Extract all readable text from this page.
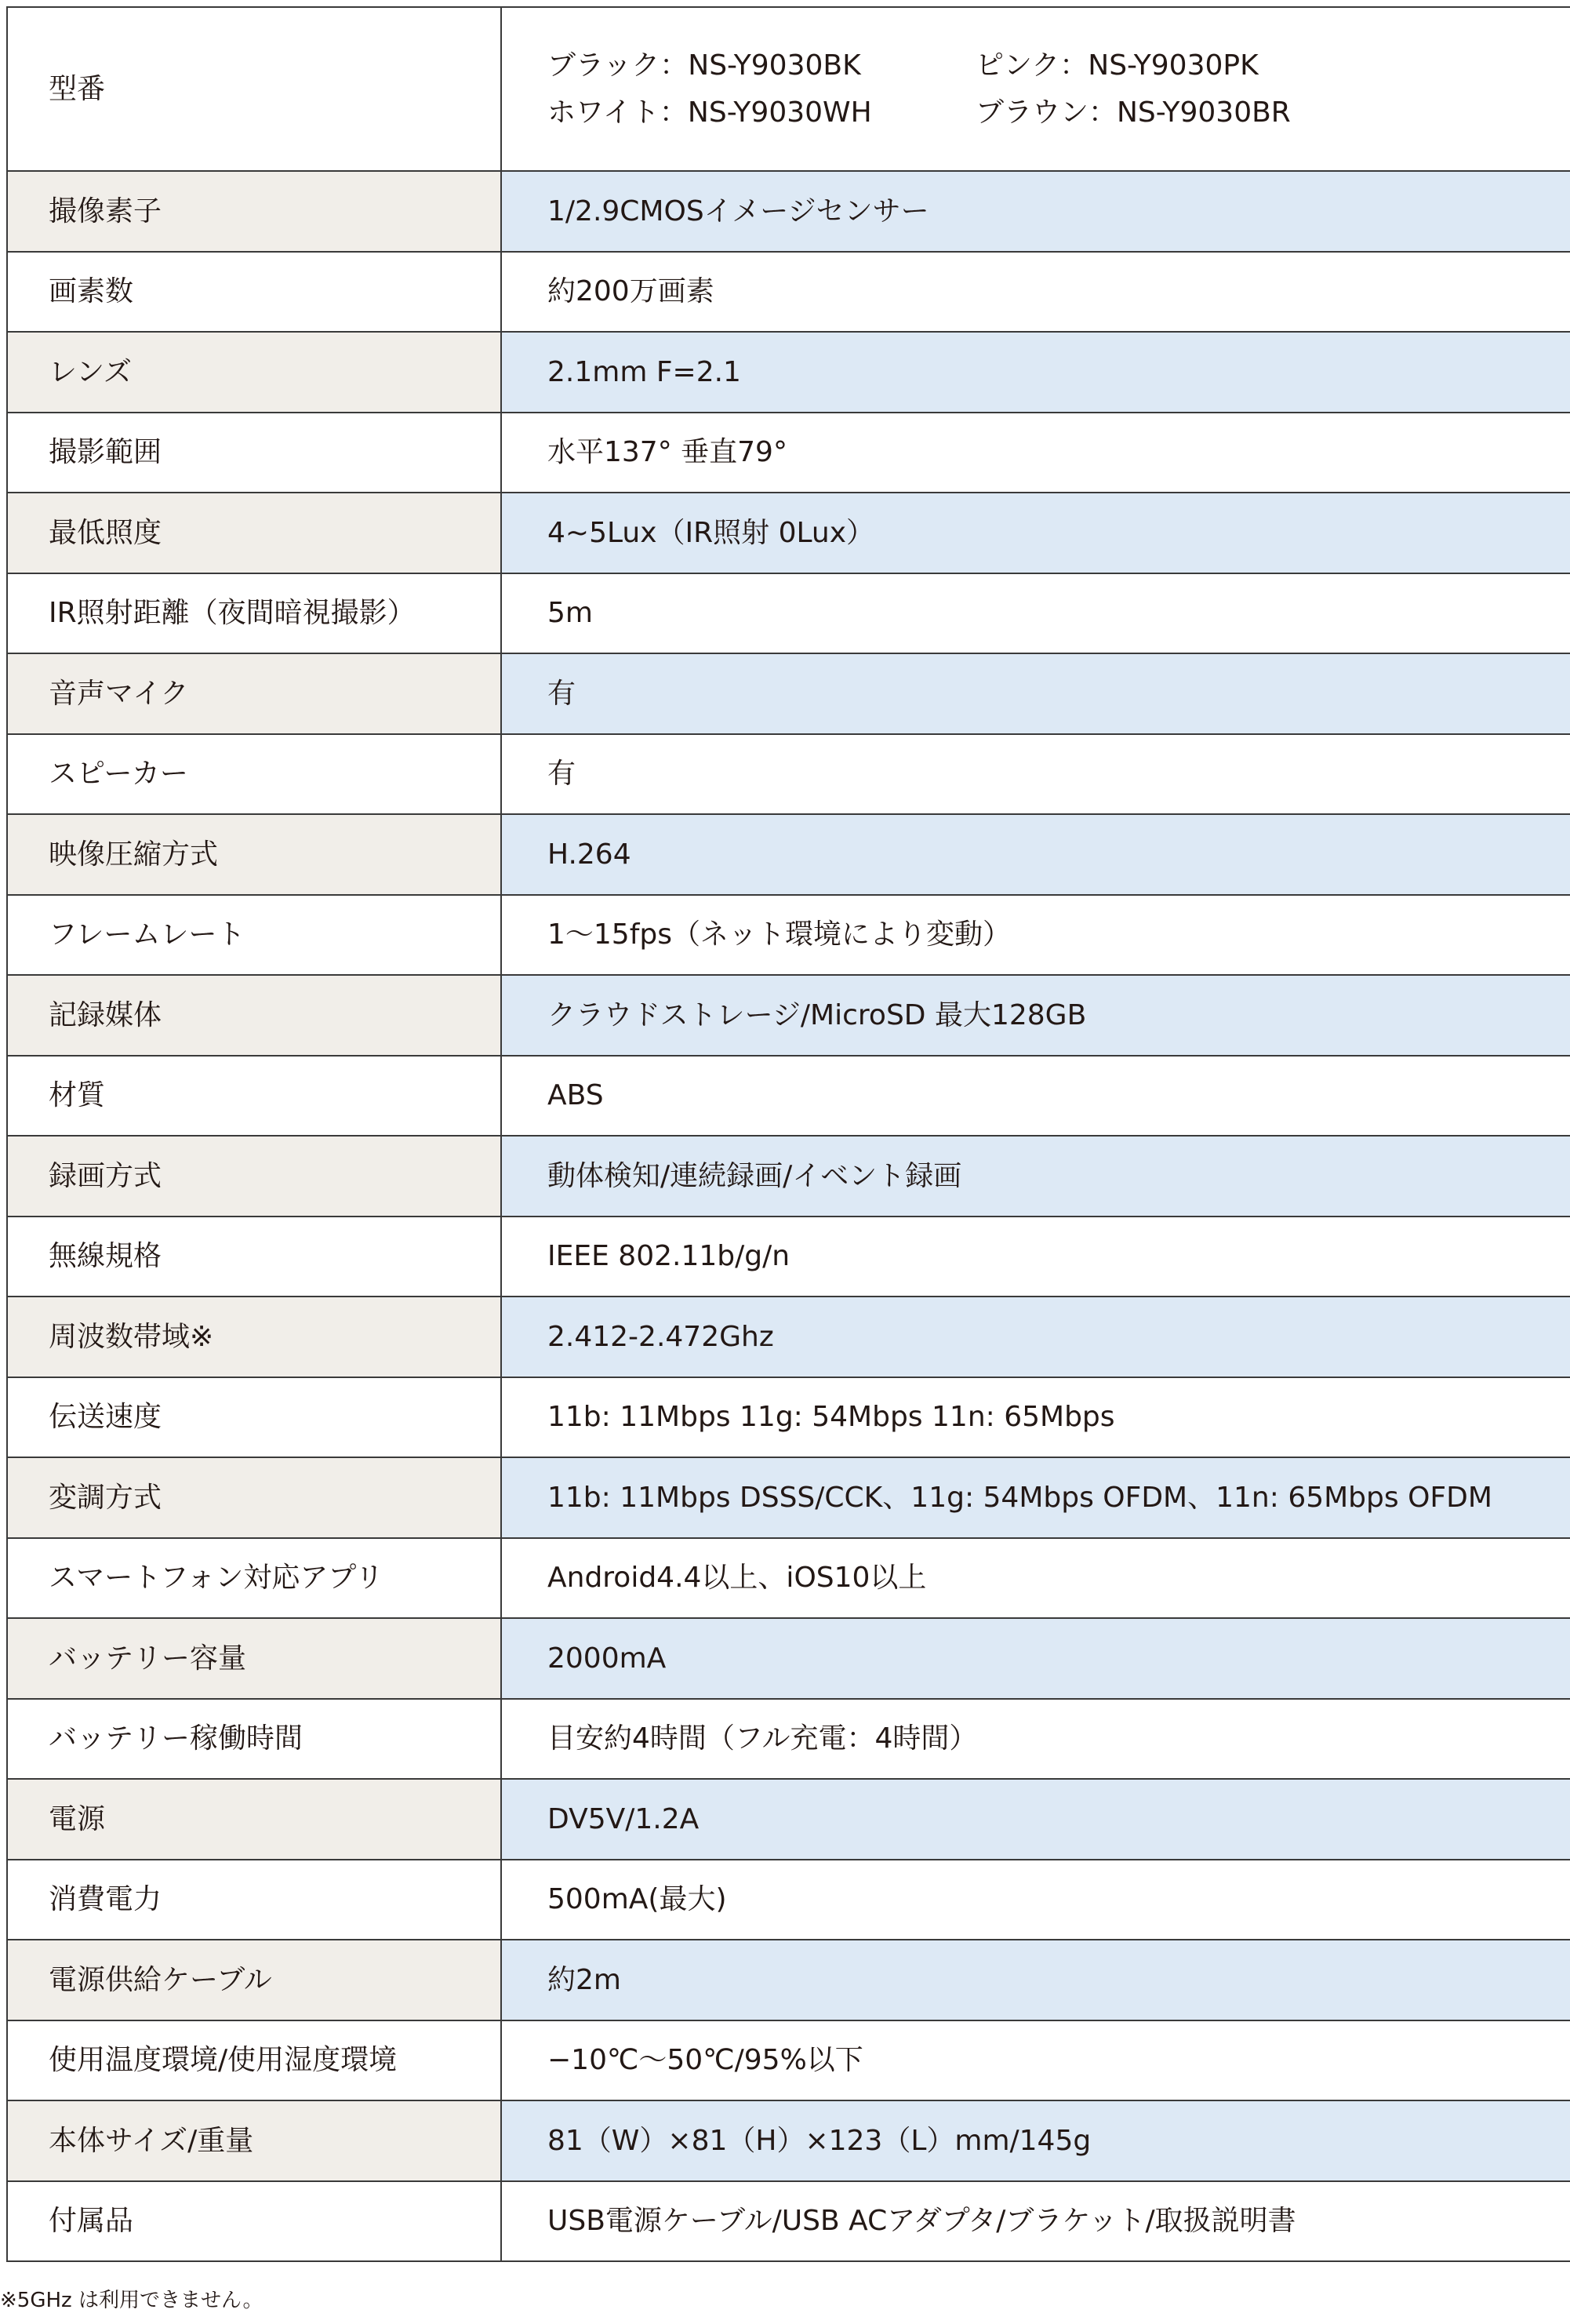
型番	ブラック：NS-Y9030BK ピンク：NS-Y9030PK
ホワイト：NS-Y9030WH ブラウン：NS-Y9030BR

撮像素子	1/2.9CMOSイメージセンサー
画素数	約200万画素
レンズ	2.1mm F=2.1
撮影範囲	水平137° 垂直79°
最低照度	4~5Lux（IR照射 0Lux）
IR照射距離（夜間暗視撮影）	5m
音声マイク	有
スピーカー	有
映像圧縮方式	H.264
フレームレート	1～15fps（ネット環境により変動）
記録媒体	クラウドストレージ/MicroSD 最大128GB
材質	ABS
録画方式	動体検知/連続録画/イベント録画
無線規格	IEEE 802.11b/g/n
周波数帯域※	2.412-2.472Ghz
伝送速度	11b: 11Mbps 11g: 54Mbps 11n: 65Mbps
変調方式	11b: 11Mbps DSSS/CCK、11g: 54Mbps OFDM、11n: 65Mbps OFDM
スマートフォン対応アプリ	Android4.4以上、iOS10以上
バッテリー容量	2000mA
バッテリー稼働時間	目安約4時間（フル充電：4時間）
電源	DV5V/1.2A
消費電力	500mA(最大)
電源供給ケーブル	約2m
使用温度環境/使用湿度環境	−10℃～50℃/95%以下
本体サイズ/重量	81（W）×81（H）×123（L）mm/145g
付属品	USB電源ケーブル/USB ACアダプタ/ブラケット/取扱説明書
※5GHz は利用できません。
